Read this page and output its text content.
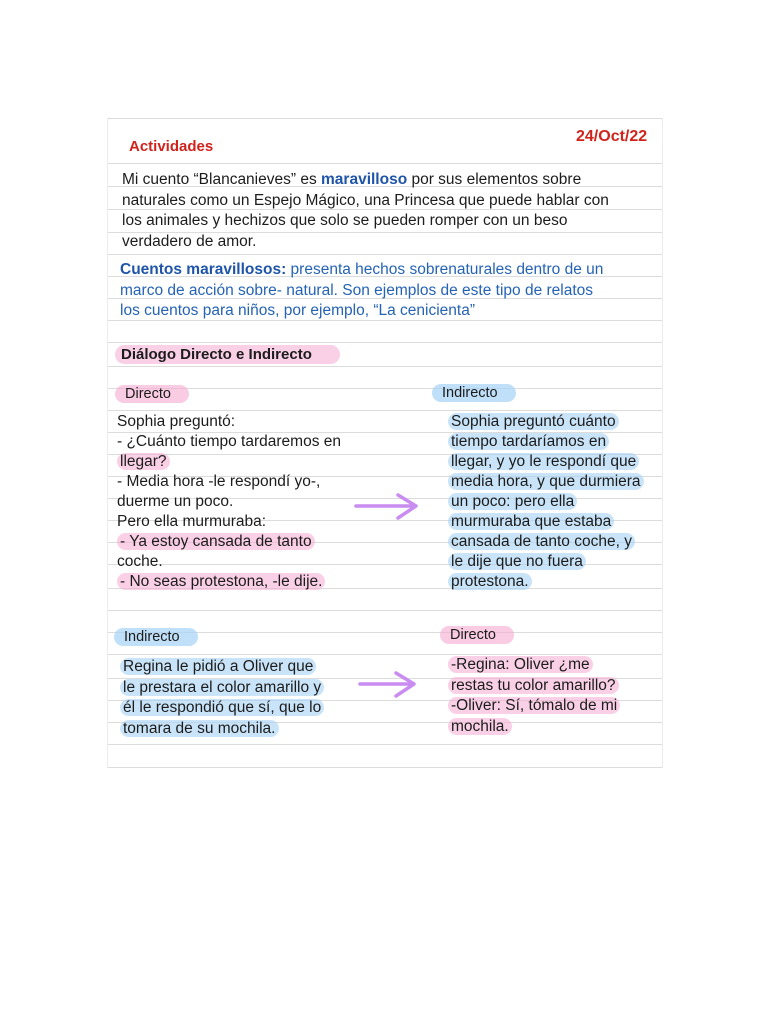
Actividades
24/Oct/22
Mi cuento “Blancanieves” es maravilloso por sus elementos sobre
naturales como un Espejo Mágico, una Princesa que puede hablar con
los animales y hechizos que solo se pueden romper con un beso
verdadero de amor.
Cuentos maravillosos: presenta hechos sobrenaturales dentro de un
marco de acción sobre- natural. Son ejemplos de este tipo de relatos
los cuentos para niños, por ejemplo, “La cenicienta”
Diálogo Directo e Indirecto
Directo	Indirecto
Sophia preguntó:
- ¿Cuánto tiempo tardaremos en
llegar?
- Media hora -le respondí yo-,
duerme un poco.
Pero ella murmuraba:
- Ya estoy cansada de tanto
coche.
- No seas protestona, -le dije.
Sophia preguntó cuánto
tiempo tardaríamos en
llegar, y yo le respondí que
media hora, y que durmiera
un poco: pero ella
murmuraba que estaba
cansada de tanto coche, y
le dije que no fuera
protestona.
Indirecto	Directo
Regina le pidió a Oliver que
le prestara el color amarillo y
él le respondió que sí, que lo
tomara de su mochila.
-Regina: Oliver ¿me
restas tu color amarillo?
-Oliver: Sí, tómalo de mi
mochila.
